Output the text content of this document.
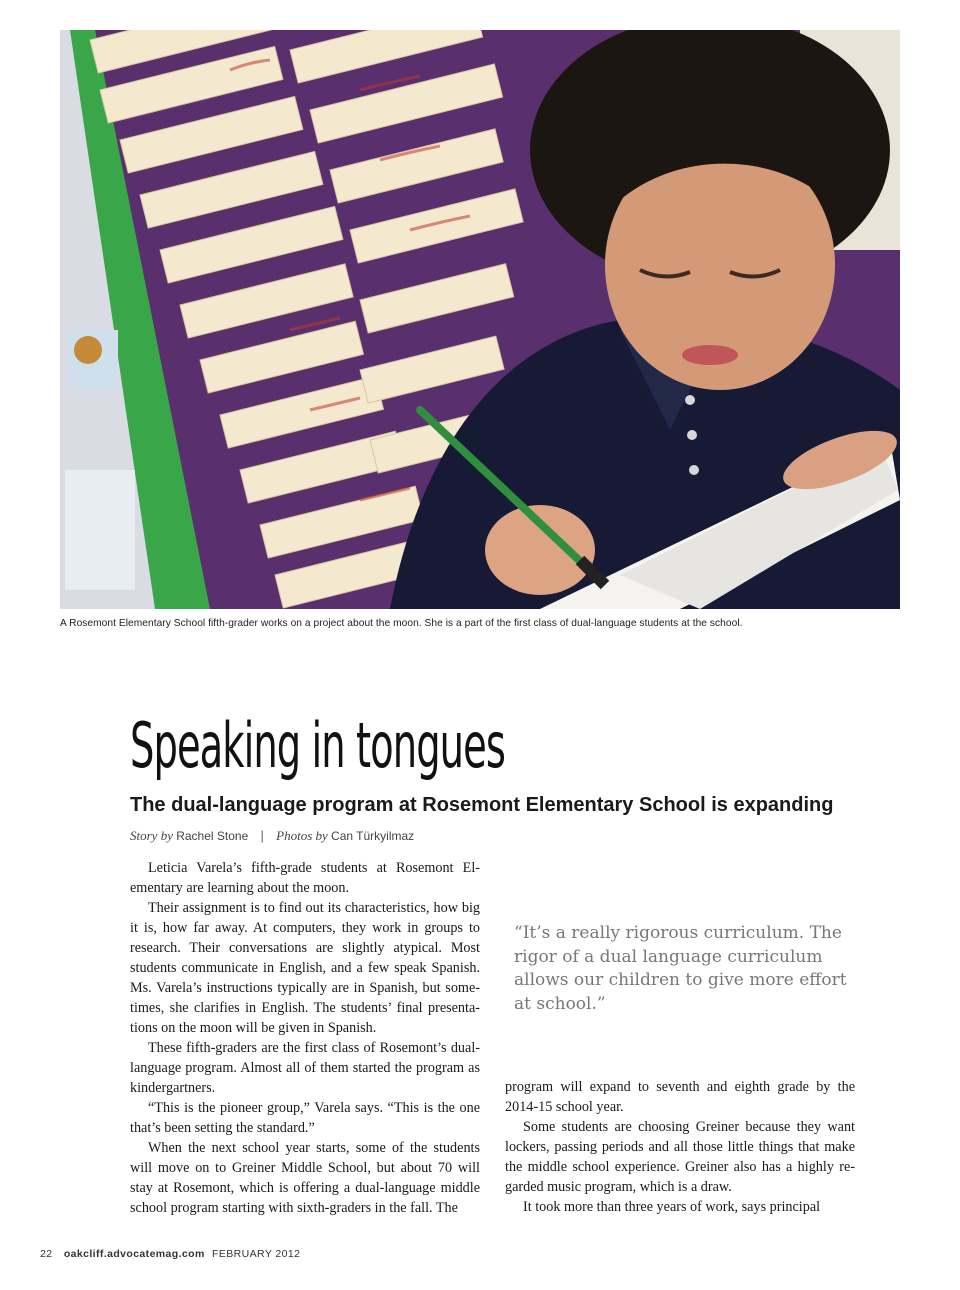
A Rosemont Elementary School fifth-grader works on a project about the moon. She is a part of the first class of dual-language students at the school.
Speaking in tongues
The dual-language program at Rosemont Elementary School is expanding
Story by Rachel Stone | Photos by Can Türkyilmaz

Leticia Varela’s fifth-grade students at Rosemont Elementary are learning about the moon.

Their assignment is to find out its characteristics, how big it is, how far away. At computers, they work in groups to research. Their conversations are slightly atypical. Most students communicate in English, and a few speak Spanish. Ms. Varela’s instructions typically are in Spanish, but sometimes, she clarifies in English. The students’ final presentations on the moon will be given in Spanish.

These fifth-graders are the first class of Rosemont’s dual-language program. Almost all of them started the program as kindergartners.

“This is the pioneer group,” Varela says. “This is the one that’s been setting the standard.”

When the next school year starts, some of the students will move on to Greiner Middle School, but about 70 will stay at Rosemont, which is offering a dual-language middle school program starting with sixth-graders in the fall. The

“It’s a really rigorous curriculum. The rigor of a dual language curriculum allows our children to give more effort at school.”

program will expand to seventh and eighth grade by the 2014-15 school year.

Some students are choosing Greiner because they want lockers, passing periods and all those little things that make the middle school experience. Greiner also has a highly regarded music program, which is a draw.

It took more than three years of work, says principal

22 oakcliff.advocatemag.com FEBRUARY 2012
